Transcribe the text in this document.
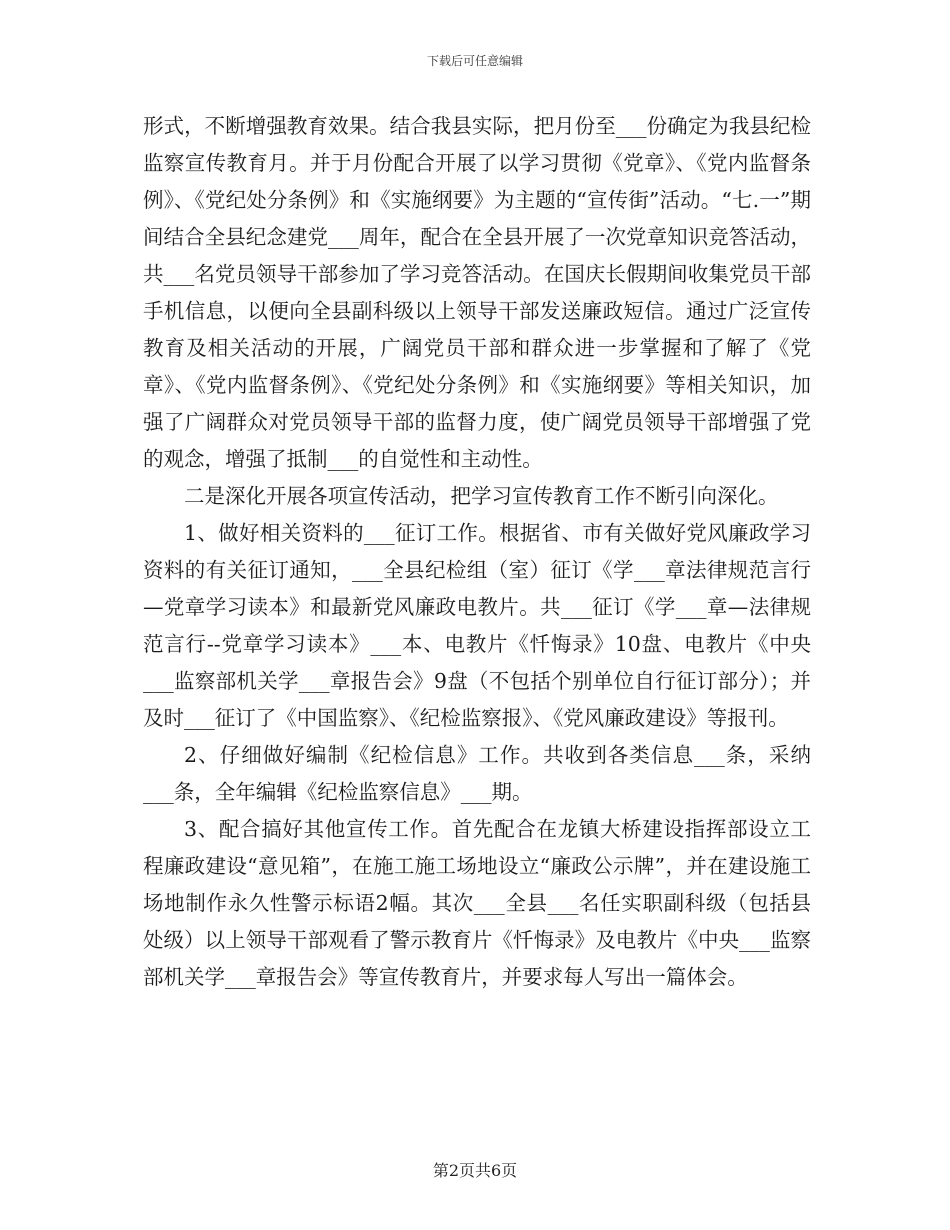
下载后可任意编辑

形式，不断增强教育效果。结合我县实际，把月份至___份确定为我县纪检监察宣传教育月。并于月份配合开展了以学习贯彻《党章》、《党内监督条例》、《党纪处分条例》和《实施纲要》为主题的“宣传街”活动。“七.一”期间结合全县纪念建党___周年，配合在全县开展了一次党章知识竞答活动，共___名党员领导干部参加了学习竞答活动。在国庆长假期间收集党员干部手机信息，以便向全县副科级以上领导干部发送廉政短信。通过广泛宣传教育及相关活动的开展，广阔党员干部和群众进一步掌握和了解了《党章》、《党内监督条例》、《党纪处分条例》和《实施纲要》等相关知识，加强了广阔群众对党员领导干部的监督力度，使广阔党员领导干部增强了党的观念，增强了抵制___的自觉性和主动性。

二是深化开展各项宣传活动，把学习宣传教育工作不断引向深化。

1、做好相关资料的___征订工作。根据省、市有关做好党风廉政学习资料的有关征订通知，___全县纪检组（室）征订《学___章法律规范言行—党章学习读本》和最新党风廉政电教片。共___征订《学___章—法律规范言行--党章学习读本》___本、电教片《忏悔录》10盘、电教片《中央___监察部机关学___章报告会》9盘（不包括个别单位自行征订部分）；并及时___征订了《中国监察》、《纪检监察报》、《党风廉政建设》等报刊。

2、仔细做好编制《纪检信息》工作。共收到各类信息___条，采纳___条，全年编辑《纪检监察信息》___期。

3、配合搞好其他宣传工作。首先配合在龙镇大桥建设指挥部设立工程廉政建设“意见箱”，在施工施工场地设立“廉政公示牌”，并在建设施工场地制作永久性警示标语2幅。其次___全县___名任实职副科级（包括县处级）以上领导干部观看了警示教育片《忏悔录》及电教片《中央___监察部机关学___章报告会》等宣传教育片，并要求每人写出一篇体会。

第2页共6页
